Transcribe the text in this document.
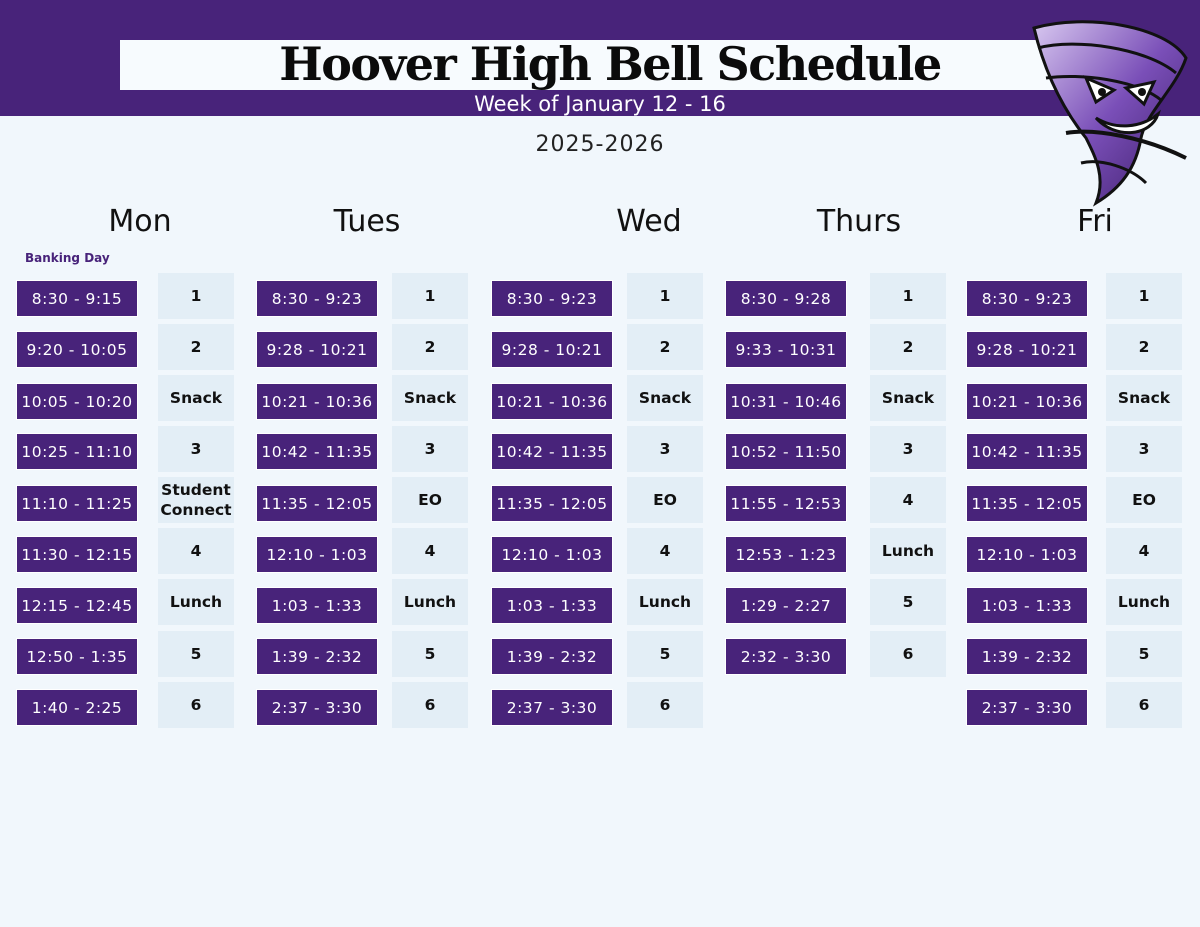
Hoover High Bell Schedule
Week of January 12 - 16
2025-2026
Banking Day
Mon
8:30 - 9:15
9:20 - 10:05
10:05 - 10:20
10:25 - 11:10
11:10 - 11:25
11:30 - 12:15
12:15 - 12:45
12:50 - 1:35
1:40 - 2:25
1
2
Snack
3
Student Connect
4
Lunch
5
6
Tues
8:30 - 9:23
9:28 - 10:21
10:21 - 10:36
10:42 - 11:35
11:35 - 12:05
12:10 - 1:03
1:03 - 1:33
1:39 - 2:32
2:37 - 3:30
1
2
Snack
3
EO
4
Lunch
5
6
Wed
8:30 - 9:23
9:28 - 10:21
10:21 - 10:36
10:42 - 11:35
11:35 - 12:05
12:10 - 1:03
1:03 - 1:33
1:39 - 2:32
2:37 - 3:30
1
2
Snack
3
EO
4
Lunch
5
6
Thurs
8:30 - 9:28
9:33 - 10:31
10:31 - 10:46
10:52 - 11:50
11:55 - 12:53
12:53 - 1:23
1:29 - 2:27
2:32 - 3:30
1
2
Snack
3
4
Lunch
5
6
Fri
8:30 - 9:23
9:28 - 10:21
10:21 - 10:36
10:42 - 11:35
11:35 - 12:05
12:10 - 1:03
1:03 - 1:33
1:39 - 2:32
2:37 - 3:30
1
2
Snack
3
EO
4
Lunch
5
6
